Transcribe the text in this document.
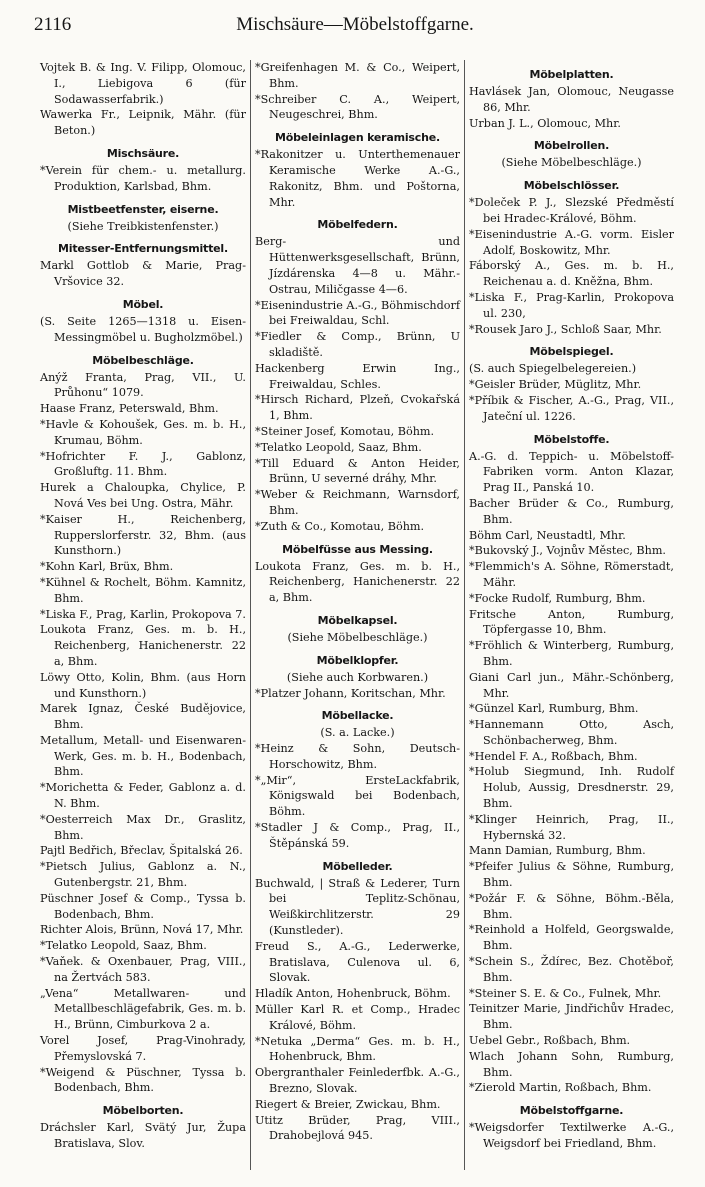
2116	Mischsäure—Möbelstoffgarne.
Vojtek B. & Ing. V. Filipp, Olomouc, I., Liebigova 6 (für Sodawasserfabrik.)
Wawerka Fr., Leipnik, Mähr. (für Beton.)
Mischsäure.
*Verein für chem.- u. metallurg. Produktion, Karlsbad, Bhm.
Mistbeetfenster, eiserne.
(Siehe Treibkistenfenster.)
Mitesser-Entfernungsmittel.
Markl Gottlob & Marie, Prag-Vršovice 32.
Möbel.
(S. Seite 1265—1318 u. Eisen-Messingmöbel u. Bugholzmöbel.)
Möbelbeschläge.
Anýž Franta, Prag, VII., U. Průhonu“ 1079.
Haase Franz, Peterswald, Bhm.
*Havle & Kohoušek, Ges. m. b. H., Krumau, Böhm.
*Hofrichter F. J., Gablonz, Großluftg. 11. Bhm.
Hurek a Chaloupka, Chylice, P. Nová Ves bei Ung. Ostra, Mähr.
*Kaiser H., Reichenberg, Rupperslorferstr. 32, Bhm. (aus Kunsthorn.)
*Kohn Karl, Brüx, Bhm.
*Kühnel & Rochelt, Böhm. Kamnitz, Bhm.
*Liska F., Prag, Karlin, Prokopova 7.
Loukota Franz, Ges. m. b. H., Reichenberg, Hanichenerstr. 22 a, Bhm.
Löwy Otto, Kolin, Bhm. (aus Horn und Kunsthorn.)
Marek Ignaz, České Budějovice, Bhm.
Metallum, Metall- und Eisenwaren-Werk, Ges. m. b. H., Bodenbach, Bhm.
*Morichetta & Feder, Gablonz a. d. N. Bhm.
*Oesterreich Max Dr., Graslitz, Bhm.
Pajtl Bedřich, Břeclav, Špitalská 26.
*Pietsch Julius, Gablonz a. N., Gutenbergstr. 21, Bhm.
Püschner Josef & Comp., Tyssa b. Bodenbach, Bhm.
Richter Alois, Brünn, Nová 17, Mhr.
*Telatko Leopold, Saaz, Bhm.
*Vaňek. & Oxenbauer, Prag, VIII., na Žertvách 583.
„Vena“ Metallwaren- und Metallbeschlägefabrik, Ges. m. b. H., Brünn, Cimburkova 2 a.
Vorel Josef, Prag-Vinohrady, Přemyslovská 7.
*Weigend & Püschner, Tyssa b. Bodenbach, Bhm.
Möbelborten.
Dráchsler Karl, Svätý Jur, Župa Bratislava, Slov.
*Greifenhagen M. & Co., Weipert, Bhm.
*Schreiber C. A., Weipert, Neugeschrei, Bhm.
Möbeleinlagen keramische.
*Rakonitzer u. Unterthemenauer Keramische Werke A.-G., Rakonitz, Bhm. und Poštorna, Mhr.
Möbelfedern.
Berg- und Hüttenwerksgesellschaft, Brünn, Jízdárenska 4—8 u. Mähr.-Ostrau, Miličgasse 4—6.
*Eisenindustrie A.-G., Böhmischdorf bei Freiwaldau, Schl.
*Fiedler & Comp., Brünn, U skladiště.
Hackenberg Erwin Ing., Freiwaldau, Schles.
*Hirsch Richard, Plzeň, Cvokařská 1, Bhm.
*Steiner Josef, Komotau, Böhm.
*Telatko Leopold, Saaz, Bhm.
*Till Eduard & Anton Heider, Brünn, U severné dráhy, Mhr.
*Weber & Reichmann, Warnsdorf, Bhm.
*Zuth & Co., Komotau, Böhm.
Möbelfüsse aus Messing.
Loukota Franz, Ges. m. b. H., Reichenberg, Hanichenerstr. 22 a, Bhm.
Möbelkapsel.
(Siehe Möbelbeschläge.)
Möbelklopfer.
(Siehe auch Korbwaren.)
*Platzer Johann, Koritschan, Mhr.
Möbellacke.
(S. a. Lacke.)
*Heinz & Sohn, Deutsch-Horschowitz, Bhm.
*„Mir“, ErsteLackfabrik, Königswald bei Bodenbach, Böhm.
*Stadler J & Comp., Prag, II., Štěpánská 59.
Möbelleder.
Buchwald, | Straß & Lederer, Turn bei Teplitz-Schönau, Weißkirchlitzerstr. 29 (Kunstleder).
Freud S., A.-G., Lederwerke, Bratislava, Culenova ul. 6, Slovak.
Hladík Anton, Hohenbruck, Böhm.
Müller Karl R. et Comp., Hradec Králové, Böhm.
*Netuka „Derma“ Ges. m. b. H., Hohenbruck, Bhm.
Obergranthaler Feinlederfbk. A.-G., Brezno, Slovak.
Riegert & Breier, Zwickau, Bhm.
Utitz Brüder, Prag, VIII., Drahobejlová 945.
Möbelplatten.
Havlásek Jan, Olomouc, Neugasse 86, Mhr.
Urban J. L., Olomouc, Mhr.
Möbelrollen.
(Siehe Möbelbeschläge.)
Möbelschlösser.
*Doleček P. J., Slezské Předměstí bei Hradec-Králové, Böhm.
*Eisenindustrie A.-G. vorm. Eisler Adolf, Boskowitz, Mhr.
Fáborský A., Ges. m. b. H., Reichenau a. d. Kněžna, Bhm.
*Liska F., Prag-Karlin, Prokopova ul. 230,
*Rousek Jaro J., Schloß Saar, Mhr.
Möbelspiegel.
(S. auch Spiegelbelegereien.)
*Geisler Brüder, Müglitz, Mhr.
*Příbik & Fischer, A.-G., Prag, VII., Jateční ul. 1226.
Möbelstoffe.
A.-G. d. Teppich- u. Möbelstoff-Fabriken vorm. Anton Klazar, Prag II., Panská 10.
Bacher Brüder & Co., Rumburg, Bhm.
Böhm Carl, Neustadtl, Mhr.
*Bukovský J., Vojnův Městec, Bhm.
*Flemmich's A. Söhne, Römerstadt, Mähr.
*Focke Rudolf, Rumburg, Bhm.
Fritsche Anton, Rumburg, Töpfergasse 10, Bhm.
*Fröhlich & Winterberg, Rumburg, Bhm.
Giani Carl jun., Mähr.-Schönberg, Mhr.
*Günzel Karl, Rumburg, Bhm.
*Hannemann Otto, Asch, Schönbacherweg, Bhm.
*Hendel F. A., Roßbach, Bhm.
*Holub Siegmund, Inh. Rudolf Holub, Aussig, Dresdnerstr. 29, Bhm.
*Klinger Heinrich, Prag, II., Hybernská 32.
Mann Damian, Rumburg, Bhm.
*Pfeifer Julius & Söhne, Rumburg, Bhm.
*Požár F. & Söhne, Böhm.-Běla, Bhm.
*Reinhold a Holfeld, Georgswalde, Bhm.
*Schein S., Ždírec, Bez. Chotěboř, Bhm.
*Steiner S. E. & Co., Fulnek, Mhr.
Teinitzer Marie, Jindřichův Hradec, Bhm.
Uebel Gebr., Roßbach, Bhm.
Wlach Johann Sohn, Rumburg, Bhm.
*Zierold Martin, Roßbach, Bhm.
Möbelstoffgarne.
*Weigsdorfer Textilwerke A.-G., Weigsdorf bei Friedland, Bhm.
